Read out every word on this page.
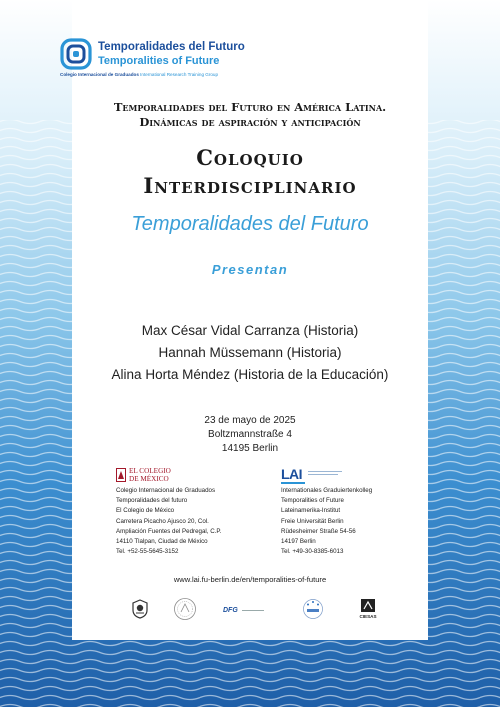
Temporalidades del Futuro
Temporalities of Future
Colegio Internacional de Graduados International Research Training Group
Temporalidades del Futuro en América Latina.
Dinámicas de aspiración y anticipación
Coloquio
Interdisciplinario
Temporalidades del Futuro
Presentan
Max César Vidal Carranza (Historia)
Hannah Müssemann (Historia)
Alina Horta Méndez (Historia de la Educación)
23 de mayo de 2025
Boltzmannstraße 4
14195 Berlin
EL COLEGIO
DE MÉXICO
Colegio Internacional de Graduados
Temporalidades del futuro
El Colegio de México
Carretera Picacho Ajusco 20, Col.
Ampliación Fuentes del Pedregal, C.P.
14110 Tlalpan, Ciudad de México
Tel. +52-55-5645-3152
LAI
Internationales Graduiertenkolleg
Temporalities of Future
Lateinamerika-Institut
Freie Universität Berlin
Rüdesheimer Straße 54-56
14197 Berlin
Tel. +49-30-8385-6013
www.lai.fu-berlin.de/en/temporalities-of-future
DFG
CIESAS
